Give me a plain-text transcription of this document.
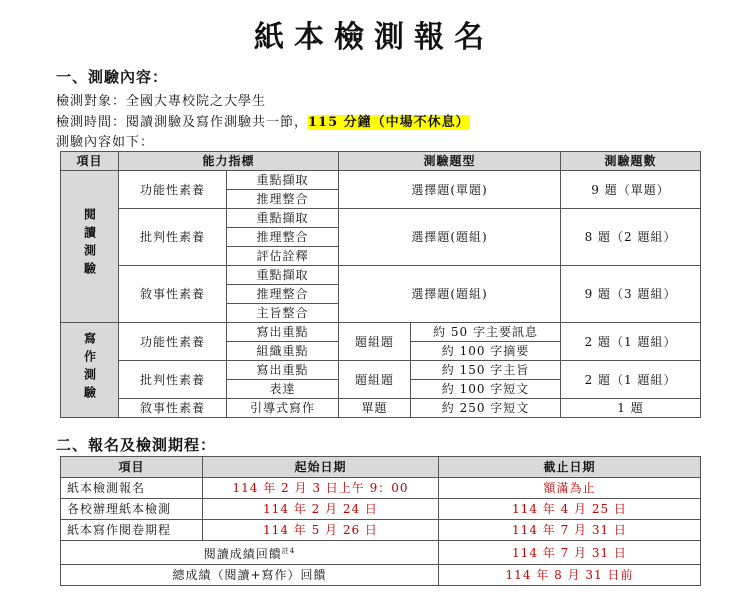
紙本檢測報名
一、測驗內容：
檢測對象：全國大專校院之大學生
檢測時間：閱讀測驗及寫作測驗共一節，115 分鐘（中場不休息）
測驗內容如下：
項目	能力指標		測驗題型		測驗題數
閱讀測驗	功能性素養	重點擷取	選擇題(單題)		9 題（單題）
		推理整合			
	批判性素養	重點擷取	選擇題(題組)		8 題（2 題組）
		推理整合			
		評估詮釋			
	敘事性素養	重點擷取	選擇題(題組)		9 題（3 題組）
		推理整合			
		主旨整合			
寫作測驗	功能性素養	寫出重點	題組題	約 50 字主要訊息	2 題（1 題組）
		組織重點		約 100 字摘要	
	批判性素養	寫出重點	題組題	約 150 字主旨	2 題（1 題組）
		表達		約 100 字短文	
	敘事性素養	引導式寫作	單題	約 250 字短文	1 題
二、報名及檢測期程：
項目	起始日期	截止日期
紙本檢測報名	114 年 2 月 3 日上午 9：00	額滿為止
各校辦理紙本檢測	114 年 2 月 24 日	114 年 4 月 25 日
紙本寫作閱卷期程	114 年 5 月 26 日	114 年 7 月 31 日
閱讀成績回饋$^{註4}$		114 年 7 月 31 日
總成績（閱讀+寫作）回饋		114 年 8 月 31 日前
